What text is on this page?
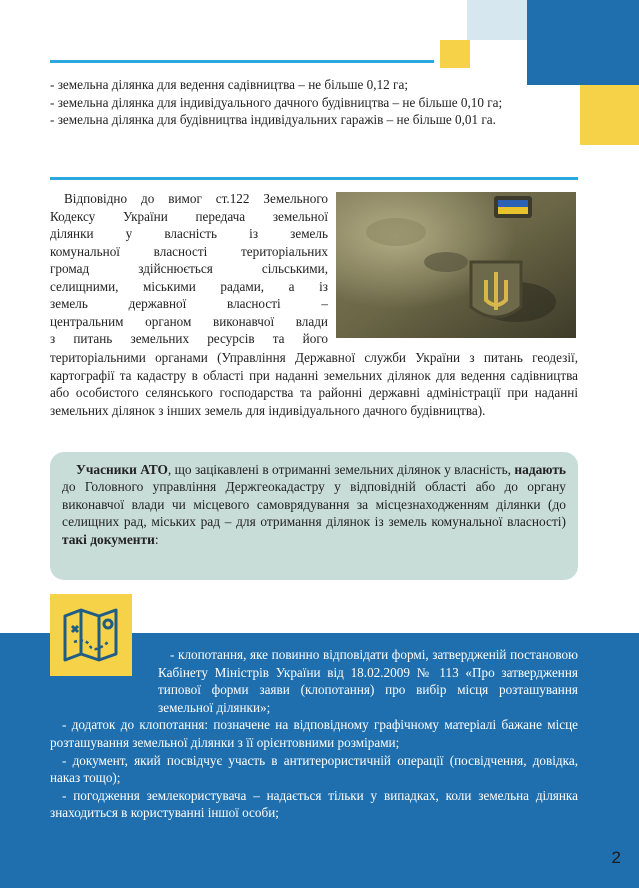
- земельна ділянка для ведення садівництва – не більше 0,12 га;
- земельна ділянка для індивідуального дачного будівництва – не більше 0,10 га;
- земельна ділянка для будівництва індивідуальних гаражів – не більше 0,01 га.
Відповідно до вимог ст.122 Земельного
Кодексу України передача земельної
ділянки у власність із земель
комунальної власності територіальних
громад здійснюється сільськими,
селищними, міськими радами, а із
земель державної власності –
центральним органом виконавчої влади
з питань земельних ресурсів та його
територіальними органами (Управління Державної служби України з питань геодезії, картографії та кадастру в області при наданні земельних ділянок для ведення садівництва або особистого селянського господарства та районні державні адміністрації при наданні земельних ділянок з інших земель для індивідуального дачного будівництва).
Учасники АТО, що зацікавлені в отриманні земельних ділянок у власність, надають до Головного управління Держгеокадастру у відповідній області або до органу виконавчої влади чи місцевого самоврядування за місцезнаходженням ділянки (до селищних рад, міських рад – для отримання ділянок із земель комунальної власності) такі документи:
- клопотання, яке повинно відповідати формі, затвердженій постановою Кабінету Міністрів України від 18.02.2009 № 113 «Про затвердження типової форми заяви (клопотання) про вибір місця розташування земельної ділянки»;
- додаток до клопотання: позначене на відповідному графічному матеріалі бажане місце розташування земельної ділянки з її орієнтовними розмірами;
- документ, який посвідчує участь в антитерористичній операції (посвідчення, довідка, наказ тощо);
- погодження землекористувача – надається тільки у випадках, коли земельна ділянка знаходиться в користуванні іншої особи;
2
